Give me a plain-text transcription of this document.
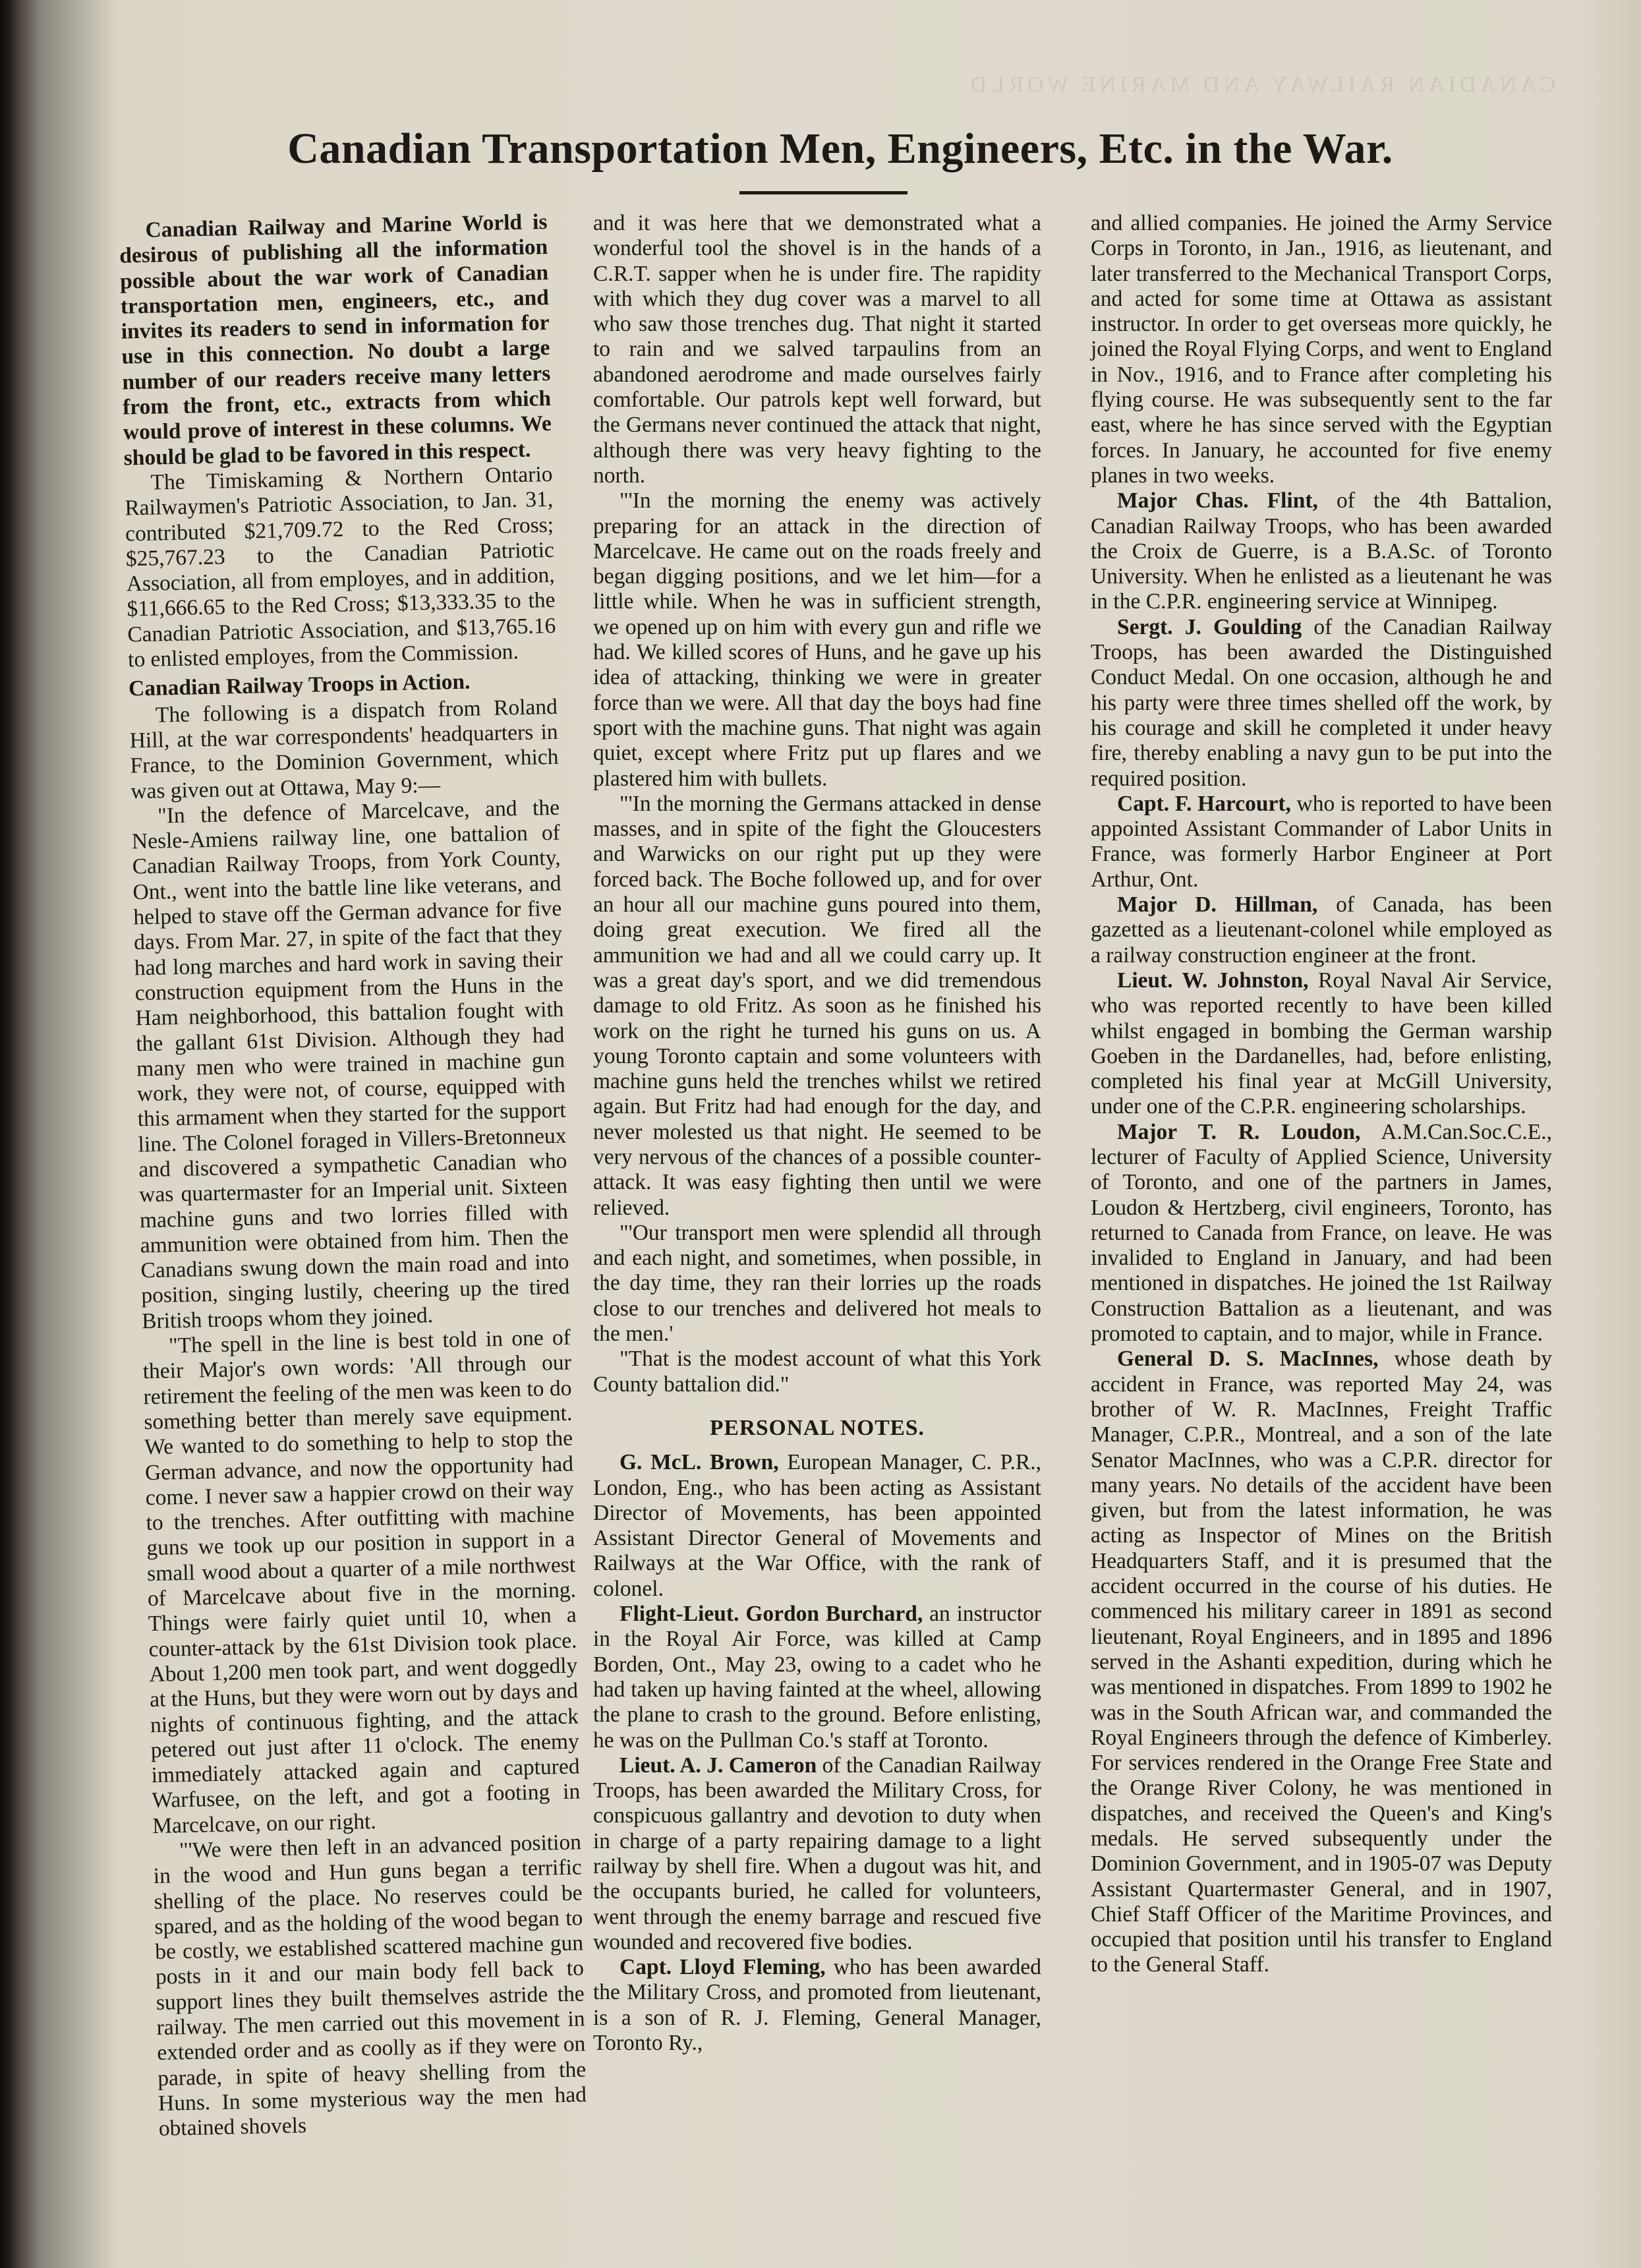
CANADIAN RAILWAY AND MARINE WORLD
Canadian Transportation Men, Engineers, Etc. in the War.

Canadian Railway and Marine World is desirous of publishing all the information possible about the war work of Canadian transportation men, engineers, etc., and invites its readers to send in information for use in this connection. No doubt a large number of our readers receive many letters from the front, etc., extracts from which would prove of interest in these columns. We should be glad to be favored in this respect.

The Timiskaming & Northern Ontario Railwaymen's Patriotic Association, to Jan. 31, contributed $21,709.72 to the Red Cross; $25,767.23 to the Canadian Patriotic Association, all from employes, and in addition, $11,666.65 to the Red Cross; $13,333.35 to the Canadian Patriotic Association, and $13,765.16 to enlisted employes, from the Commission.

Canadian Railway Troops in Action.

The following is a dispatch from Roland Hill, at the war correspondents' headquarters in France, to the Dominion Government, which was given out at Ottawa, May 9:—

"In the defence of Marcelcave, and the Nesle-Amiens railway line, one battalion of Canadian Railway Troops, from York County, Ont., went into the battle line like veterans, and helped to stave off the German advance for five days. From Mar. 27, in spite of the fact that they had long marches and hard work in saving their construction equipment from the Huns in the Ham neighborhood, this battalion fought with the gallant 61st Division. Although they had many men who were trained in machine gun work, they were not, of course, equipped with this armament when they started for the support line. The Colonel foraged in Villers-Bretonneux and discovered a sympathetic Canadian who was quartermaster for an Imperial unit. Sixteen machine guns and two lorries filled with ammunition were obtained from him. Then the Canadians swung down the main road and into position, singing lustily, cheering up the tired British troops whom they joined.

"The spell in the line is best told in one of their Major's own words: 'All through our retirement the feeling of the men was keen to do something better than merely save equipment. We wanted to do something to help to stop the German advance, and now the opportunity had come. I never saw a happier crowd on their way to the trenches. After outfitting with machine guns we took up our position in support in a small wood about a quarter of a mile northwest of Marcelcave about five in the morning. Things were fairly quiet until 10, when a counter-attack by the 61st Division took place. About 1,200 men took part, and went doggedly at the Huns, but they were worn out by days and nights of continuous fighting, and the attack petered out just after 11 o'clock. The enemy immediately attacked again and captured Warfusee, on the left, and got a footing in Marcelcave, on our right.

"'We were then left in an advanced position in the wood and Hun guns began a terrific shelling of the place. No reserves could be spared, and as the holding of the wood began to be costly, we established scattered machine gun posts in it and our main body fell back to support lines they built themselves astride the railway. The men carried out this movement in extended order and as coolly as if they were on parade, in spite of heavy shelling from the Huns. In some mysterious way the men had obtained shovels

and it was here that we demonstrated what a wonderful tool the shovel is in the hands of a C.R.T. sapper when he is under fire. The rapidity with which they dug cover was a marvel to all who saw those trenches dug. That night it started to rain and we salved tarpaulins from an abandoned aerodrome and made ourselves fairly comfortable. Our patrols kept well forward, but the Germans never continued the attack that night, although there was very heavy fighting to the north.

"'In the morning the enemy was actively preparing for an attack in the direction of Marcelcave. He came out on the roads freely and began digging positions, and we let him—for a little while. When he was in sufficient strength, we opened up on him with every gun and rifle we had. We killed scores of Huns, and he gave up his idea of attacking, thinking we were in greater force than we were. All that day the boys had fine sport with the machine guns. That night was again quiet, except where Fritz put up flares and we plastered him with bullets.

"'In the morning the Germans attacked in dense masses, and in spite of the fight the Gloucesters and Warwicks on our right put up they were forced back. The Boche followed up, and for over an hour all our machine guns poured into them, doing great execution. We fired all the ammunition we had and all we could carry up. It was a great day's sport, and we did tremendous damage to old Fritz. As soon as he finished his work on the right he turned his guns on us. A young Toronto captain and some volunteers with machine guns held the trenches whilst we retired again. But Fritz had had enough for the day, and never molested us that night. He seemed to be very nervous of the chances of a possible counter-attack. It was easy fighting then until we were relieved.

"'Our transport men were splendid all through and each night, and sometimes, when possible, in the day time, they ran their lorries up the roads close to our trenches and delivered hot meals to the men.'

"That is the modest account of what this York County battalion did."

PERSONAL NOTES.

G. McL. Brown, European Manager, C. P.R., London, Eng., who has been acting as Assistant Director of Movements, has been appointed Assistant Director General of Movements and Railways at the War Office, with the rank of colonel.

Flight-Lieut. Gordon Burchard, an instructor in the Royal Air Force, was killed at Camp Borden, Ont., May 23, owing to a cadet who he had taken up having fainted at the wheel, allowing the plane to crash to the ground. Before enlisting, he was on the Pullman Co.'s staff at Toronto.

Lieut. A. J. Cameron of the Canadian Railway Troops, has been awarded the Military Cross, for conspicuous gallantry and devotion to duty when in charge of a party repairing damage to a light railway by shell fire. When a dugout was hit, and the occupants buried, he called for volunteers, went through the enemy barrage and rescued five wounded and recovered five bodies.

Capt. Lloyd Fleming, who has been awarded the Military Cross, and promoted from lieutenant, is a son of R. J. Fleming, General Manager, Toronto Ry.,

and allied companies. He joined the Army Service Corps in Toronto, in Jan., 1916, as lieutenant, and later transferred to the Mechanical Transport Corps, and acted for some time at Ottawa as assistant instructor. In order to get overseas more quickly, he joined the Royal Flying Corps, and went to England in Nov., 1916, and to France after completing his flying course. He was subsequently sent to the far east, where he has since served with the Egyptian forces. In January, he accounted for five enemy planes in two weeks.

Major Chas. Flint, of the 4th Battalion, Canadian Railway Troops, who has been awarded the Croix de Guerre, is a B.A.Sc. of Toronto University. When he enlisted as a lieutenant he was in the C.P.R. engineering service at Winnipeg.

Sergt. J. Goulding of the Canadian Railway Troops, has been awarded the Distinguished Conduct Medal. On one occasion, although he and his party were three times shelled off the work, by his courage and skill he completed it under heavy fire, thereby enabling a navy gun to be put into the required position.

Capt. F. Harcourt, who is reported to have been appointed Assistant Commander of Labor Units in France, was formerly Harbor Engineer at Port Arthur, Ont.

Major D. Hillman, of Canada, has been gazetted as a lieutenant-colonel while employed as a railway construction engineer at the front.

Lieut. W. Johnston, Royal Naval Air Service, who was reported recently to have been killed whilst engaged in bombing the German warship Goeben in the Dardanelles, had, before enlisting, completed his final year at McGill University, under one of the C.P.R. engineering scholarships.

Major T. R. Loudon, A.M.Can.Soc.C.E., lecturer of Faculty of Applied Science, University of Toronto, and one of the partners in James, Loudon & Hertzberg, civil engineers, Toronto, has returned to Canada from France, on leave. He was invalided to England in January, and had been mentioned in dispatches. He joined the 1st Railway Construction Battalion as a lieutenant, and was promoted to captain, and to major, while in France.

General D. S. MacInnes, whose death by accident in France, was reported May 24, was brother of W. R. MacInnes, Freight Traffic Manager, C.P.R., Montreal, and a son of the late Senator MacInnes, who was a C.P.R. director for many years. No details of the accident have been given, but from the latest information, he was acting as Inspector of Mines on the British Headquarters Staff, and it is presumed that the accident occurred in the course of his duties. He commenced his military career in 1891 as second lieutenant, Royal Engineers, and in 1895 and 1896 served in the Ashanti expedition, during which he was mentioned in dispatches. From 1899 to 1902 he was in the South African war, and commanded the Royal Engineers through the defence of Kimberley. For services rendered in the Orange Free State and the Orange River Colony, he was mentioned in dispatches, and received the Queen's and King's medals. He served subsequently under the Dominion Government, and in 1905-07 was Deputy Assistant Quartermaster General, and in 1907, Chief Staff Officer of the Maritime Provinces, and occupied that position until his transfer to England to the General Staff.
